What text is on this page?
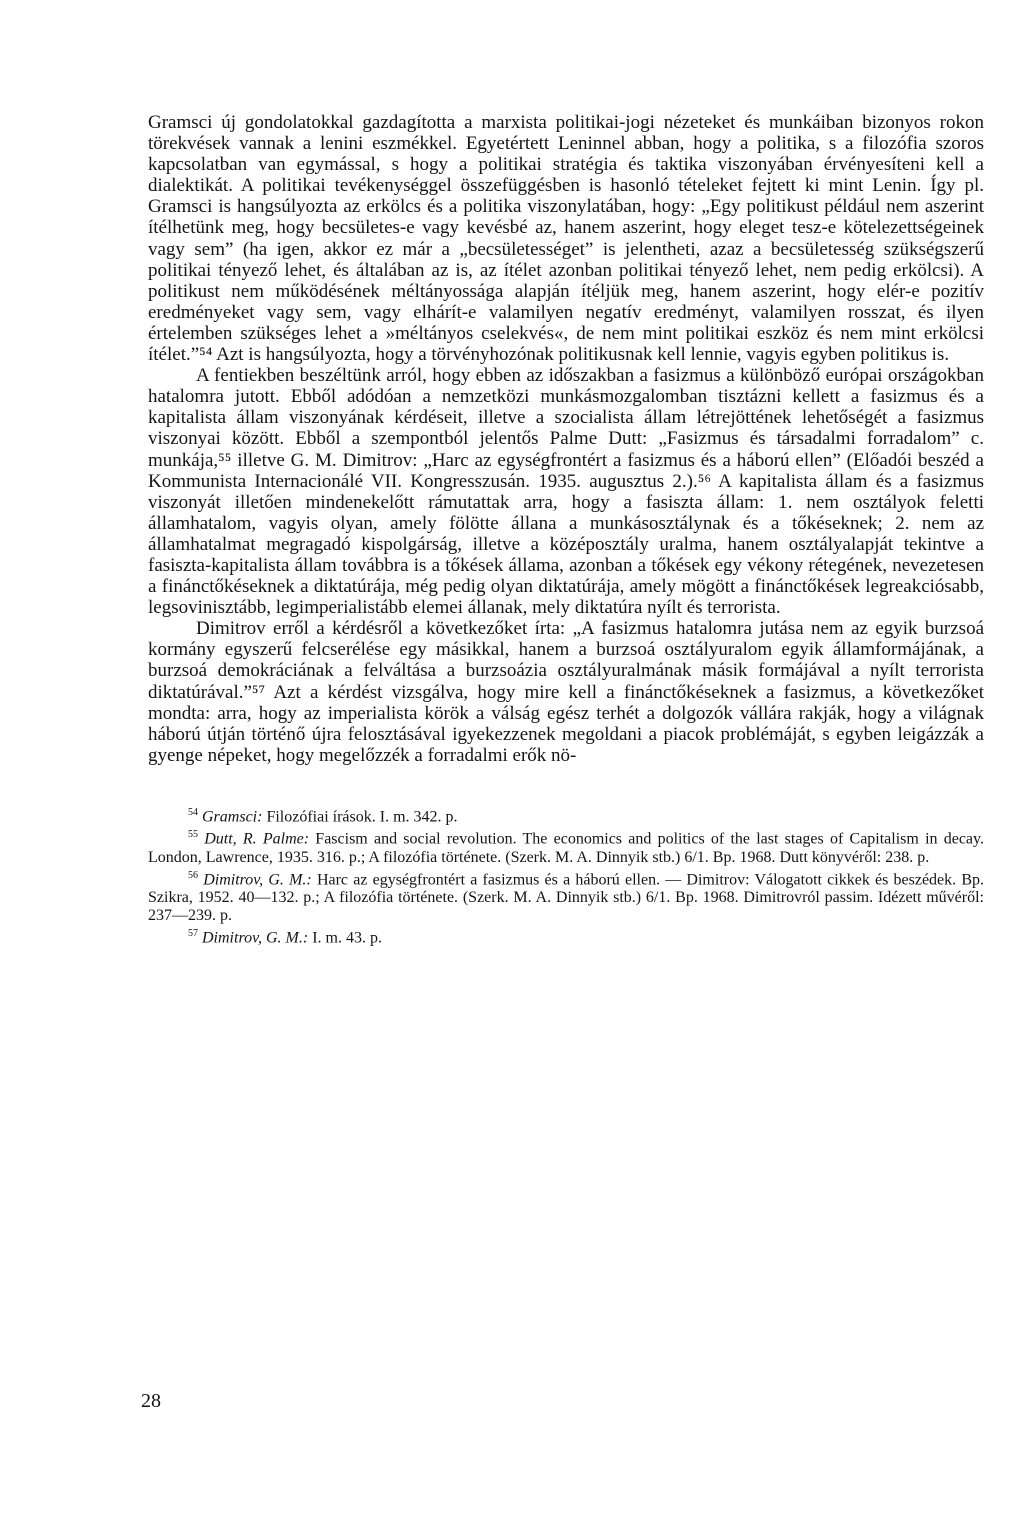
Gramsci új gondolatokkal gazdagította a marxista politikai-jogi nézeteket és munkáiban bizonyos rokon törekvések vannak a lenini eszmékkel. Egyetértett Leninnel abban, hogy a politika, s a filozófia szoros kapcsolatban van egymással, s hogy a politikai stratégia és taktika viszonyában érvényesíteni kell a dialektikát. A politikai tevékenységgel összefüggésben is hasonló tételeket fejtett ki mint Lenin. Így pl. Gramsci is hangsúlyozta az erkölcs és a politika viszonylatában, hogy: „Egy politikust például nem aszerint ítélhetünk meg, hogy becsületes-e vagy kevésbé az, hanem aszerint, hogy eleget tesz-e kötelezettségeinek vagy sem” (ha igen, akkor ez már a „becsületességet” is jelentheti, azaz a becsületesség szükségszerű politikai tényező lehet, és általában az is, az ítélet azonban politikai tényező lehet, nem pedig erkölcsi). A politikust nem működésének méltányossága alapján ítéljük meg, hanem aszerint, hogy elér-e pozitív eredményeket vagy sem, vagy elhárít-e valamilyen negatív eredményt, valamilyen rosszat, és ilyen értelemben szükséges lehet a »méltányos cselekvés«, de nem mint politikai eszköz és nem mint erkölcsi ítélet.”⁵⁴ Azt is hangsúlyozta, hogy a törvényhozónak politikusnak kell lennie, vagyis egyben politikus is.

A fentiekben beszéltünk arról, hogy ebben az időszakban a fasizmus a különböző európai országokban hatalomra jutott. Ebből adódóan a nemzetközi munkásmozgalomban tisztázni kellett a fasizmus és a kapitalista állam viszonyának kérdéseit, illetve a szocialista állam létrejöttének lehetőségét a fasizmus viszonyai között. Ebből a szempontból jelentős Palme Dutt: „Fasizmus és társadalmi forradalom” c. munkája,⁵⁵ illetve G. M. Dimitrov: „Harc az egységfrontért a fasizmus és a háború ellen” (Előadói beszéd a Kommunista Internacionálé VII. Kongresszusán. 1935. augusztus 2.).⁵⁶ A kapitalista állam és a fasizmus viszonyát illetően mindenekelőtt rámutattak arra, hogy a fasiszta állam: 1. nem osztályok feletti államhatalom, vagyis olyan, amely fölötte állana a munkásosztálynak és a tőkéseknek; 2. nem az államhatalmat megragadó kispolgárság, illetve a középosztály uralma, hanem osztályalapját tekintve a fasiszta-kapitalista állam továbbra is a tőkések állama, azonban a tőkések egy vékony rétegének, nevezetesen a finánctőkéseknek a diktatúrája, még pedig olyan diktatúrája, amely mögött a finánctőkések legreakciósabb, legsovinisztább, legimperialistább elemei állanak, mely diktatúra nyílt és terrorista.

Dimitrov erről a kérdésről a következőket írta: „A fasizmus hatalomra jutása nem az egyik burzsoá kormány egyszerű felcserélése egy másikkal, hanem a burzsoá osztályuralom egyik államformájának, a burzsoá demokráciának a felváltása a burzsoázia osztályuralmának másik formájával a nyílt terrorista diktatúrával.”⁵⁷ Azt a kérdést vizsgálva, hogy mire kell a finánctőkéseknek a fasizmus, a következőket mondta: arra, hogy az imperialista körök a válság egész terhét a dolgozók vállára rakják, hogy a világnak háború útján történő újra felosztásával igyekezzenek megoldani a piacok problémáját, s egyben leigázzák a gyenge népeket, hogy megelőzzék a forradalmi erők nö-

$^{54}$ Gramsci: Filozófiai írások. I. m. 342. p.

$^{55}$ Dutt, R. Palme: Fascism and social revolution. The economics and politics of the last stages of Capitalism in decay. London, Lawrence, 1935. 316. p.; A filozófia története. (Szerk. M. A. Dinnyik stb.) 6/1. Bp. 1968. Dutt könyvéről: 238. p.

$^{56}$ Dimitrov, G. M.: Harc az egységfrontért a fasizmus és a háború ellen. — Dimitrov: Válogatott cikkek és beszédek. Bp. Szikra, 1952. 40—132. p.; A filozófia története. (Szerk. M. A. Dinnyik stb.) 6/1. Bp. 1968. Dimitrovról passim. Idézett művéről: 237—239. p.

$^{57}$ Dimitrov, G. M.: I. m. 43. p.

28
